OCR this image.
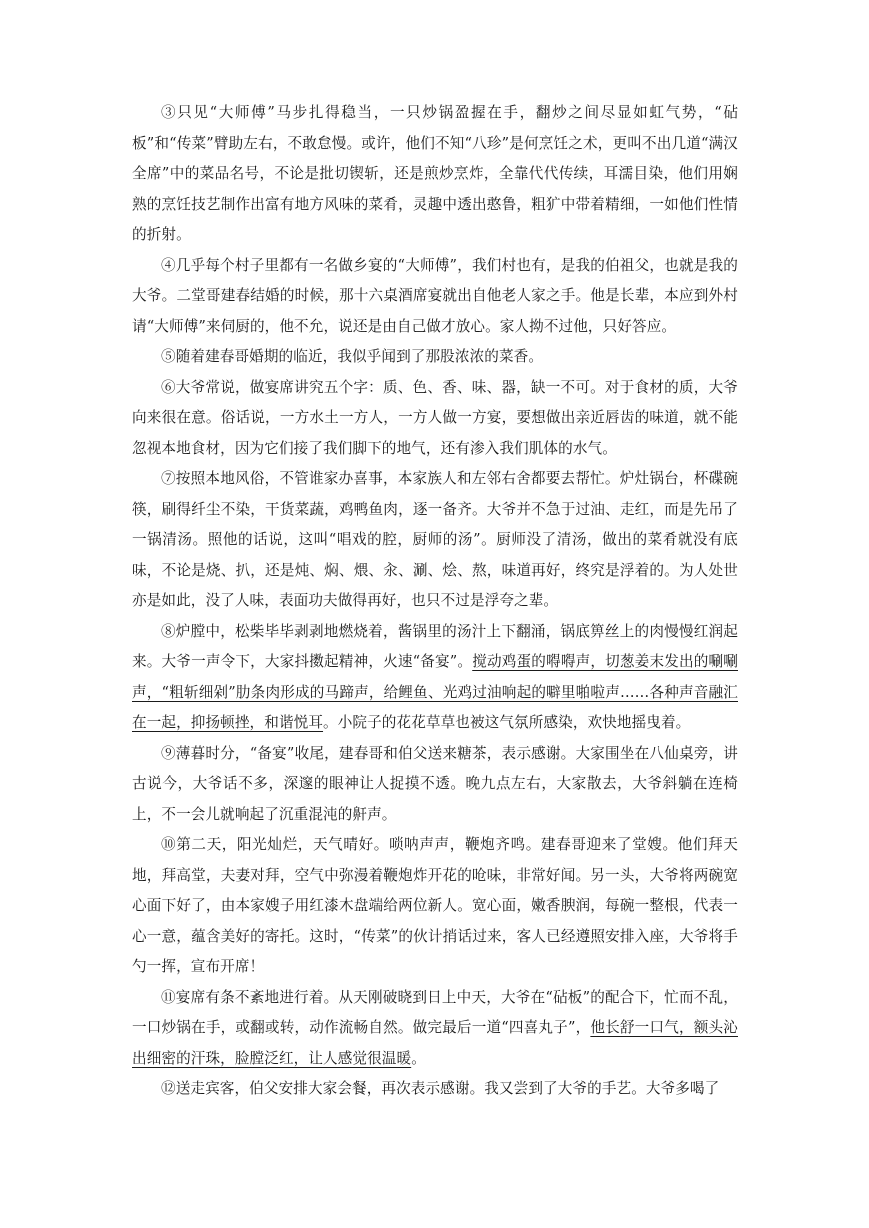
③只见“大师傅”马步扎得稳当，一只炒锅盈握在手，翻炒之间尽显如虹气势，“砧板”和“传菜”臂助左右，不敢怠慢。或许，他们不知“八珍”是何烹饪之术，更叫不出几道“满汉全席”中的菜品名号，不论是批切锲斩，还是煎炒烹炸，全靠代代传续，耳濡目染，他们用娴熟的烹饪技艺制作出富有地方风味的菜肴，灵趣中透出憨鲁，粗犷中带着精细，一如他们性情的折射。

④几乎每个村子里都有一名做乡宴的“大师傅”，我们村也有，是我的伯祖父，也就是我的大爷。二堂哥建春结婚的时候，那十六桌酒席宴就出自他老人家之手。他是长辈，本应到外村请“大师傅”来伺厨的，他不允，说还是由自己做才放心。家人拗不过他，只好答应。

⑤随着建春哥婚期的临近，我似乎闻到了那股浓浓的菜香。

⑥大爷常说，做宴席讲究五个字：质、色、香、味、器，缺一不可。对于食材的质，大爷向来很在意。俗话说，一方水土一方人，一方人做一方宴，要想做出亲近唇齿的味道，就不能忽视本地食材，因为它们接了我们脚下的地气，还有渗入我们肌体的水气。

⑦按照本地风俗，不管谁家办喜事，本家族人和左邻右舍都要去帮忙。炉灶锅台，杯碟碗筷，刷得纤尘不染，干货菜蔬，鸡鸭鱼肉，逐一备齐。大爷并不急于过油、走红，而是先吊了一锅清汤。照他的话说，这叫“唱戏的腔，厨师的汤”。厨师没了清汤，做出的菜肴就没有底味，不论是烧、扒，还是炖、焖、煨、汆、涮、烩、熬，味道再好，终究是浮着的。为人处世亦是如此，没了人味，表面功夫做得再好，也只不过是浮夸之辈。

⑧炉膛中，松柴毕毕剥剥地燃烧着，酱锅里的汤汁上下翻涌，锅底箅丝上的肉慢慢红润起来。大爷一声令下，大家抖擞起精神，火速“备宴”。搅动鸡蛋的嘚嘚声，切葱姜末发出的唰唰声，“粗斩细剁”肋条肉形成的马蹄声，给鲤鱼、光鸡过油响起的噼里啪啦声……各种声音融汇在一起，抑扬顿挫，和谐悦耳。小院子的花花草草也被这气氛所感染，欢快地摇曳着。

⑨薄暮时分，“备宴”收尾，建春哥和伯父送来糖茶，表示感谢。大家围坐在八仙桌旁，讲古说今，大爷话不多，深邃的眼神让人捉摸不透。晚九点左右，大家散去，大爷斜躺在连椅上，不一会儿就响起了沉重混沌的鼾声。

⑩第二天，阳光灿烂，天气晴好。唢呐声声，鞭炮齐鸣。建春哥迎来了堂嫂。他们拜天地，拜高堂，夫妻对拜，空气中弥漫着鞭炮炸开花的呛味，非常好闻。另一头，大爷将两碗宽心面下好了，由本家嫂子用红漆木盘端给两位新人。宽心面，嫩香腴润，每碗一整根，代表一心一意，蕴含美好的寄托。这时，“传菜”的伙计捎话过来，客人已经遵照安排入座，大爷将手勺一挥，宣布开席！

⑪宴席有条不紊地进行着。从天刚破晓到日上中天，大爷在“砧板”的配合下，忙而不乱，一口炒锅在手，或翻或转，动作流畅自然。做完最后一道“四喜丸子”，他长舒一口气，额头沁出细密的汗珠，脸膛泛红，让人感觉很温暖。

⑫送走宾客，伯父安排大家会餐，再次表示感谢。我又尝到了大爷的手艺。大爷多喝了
